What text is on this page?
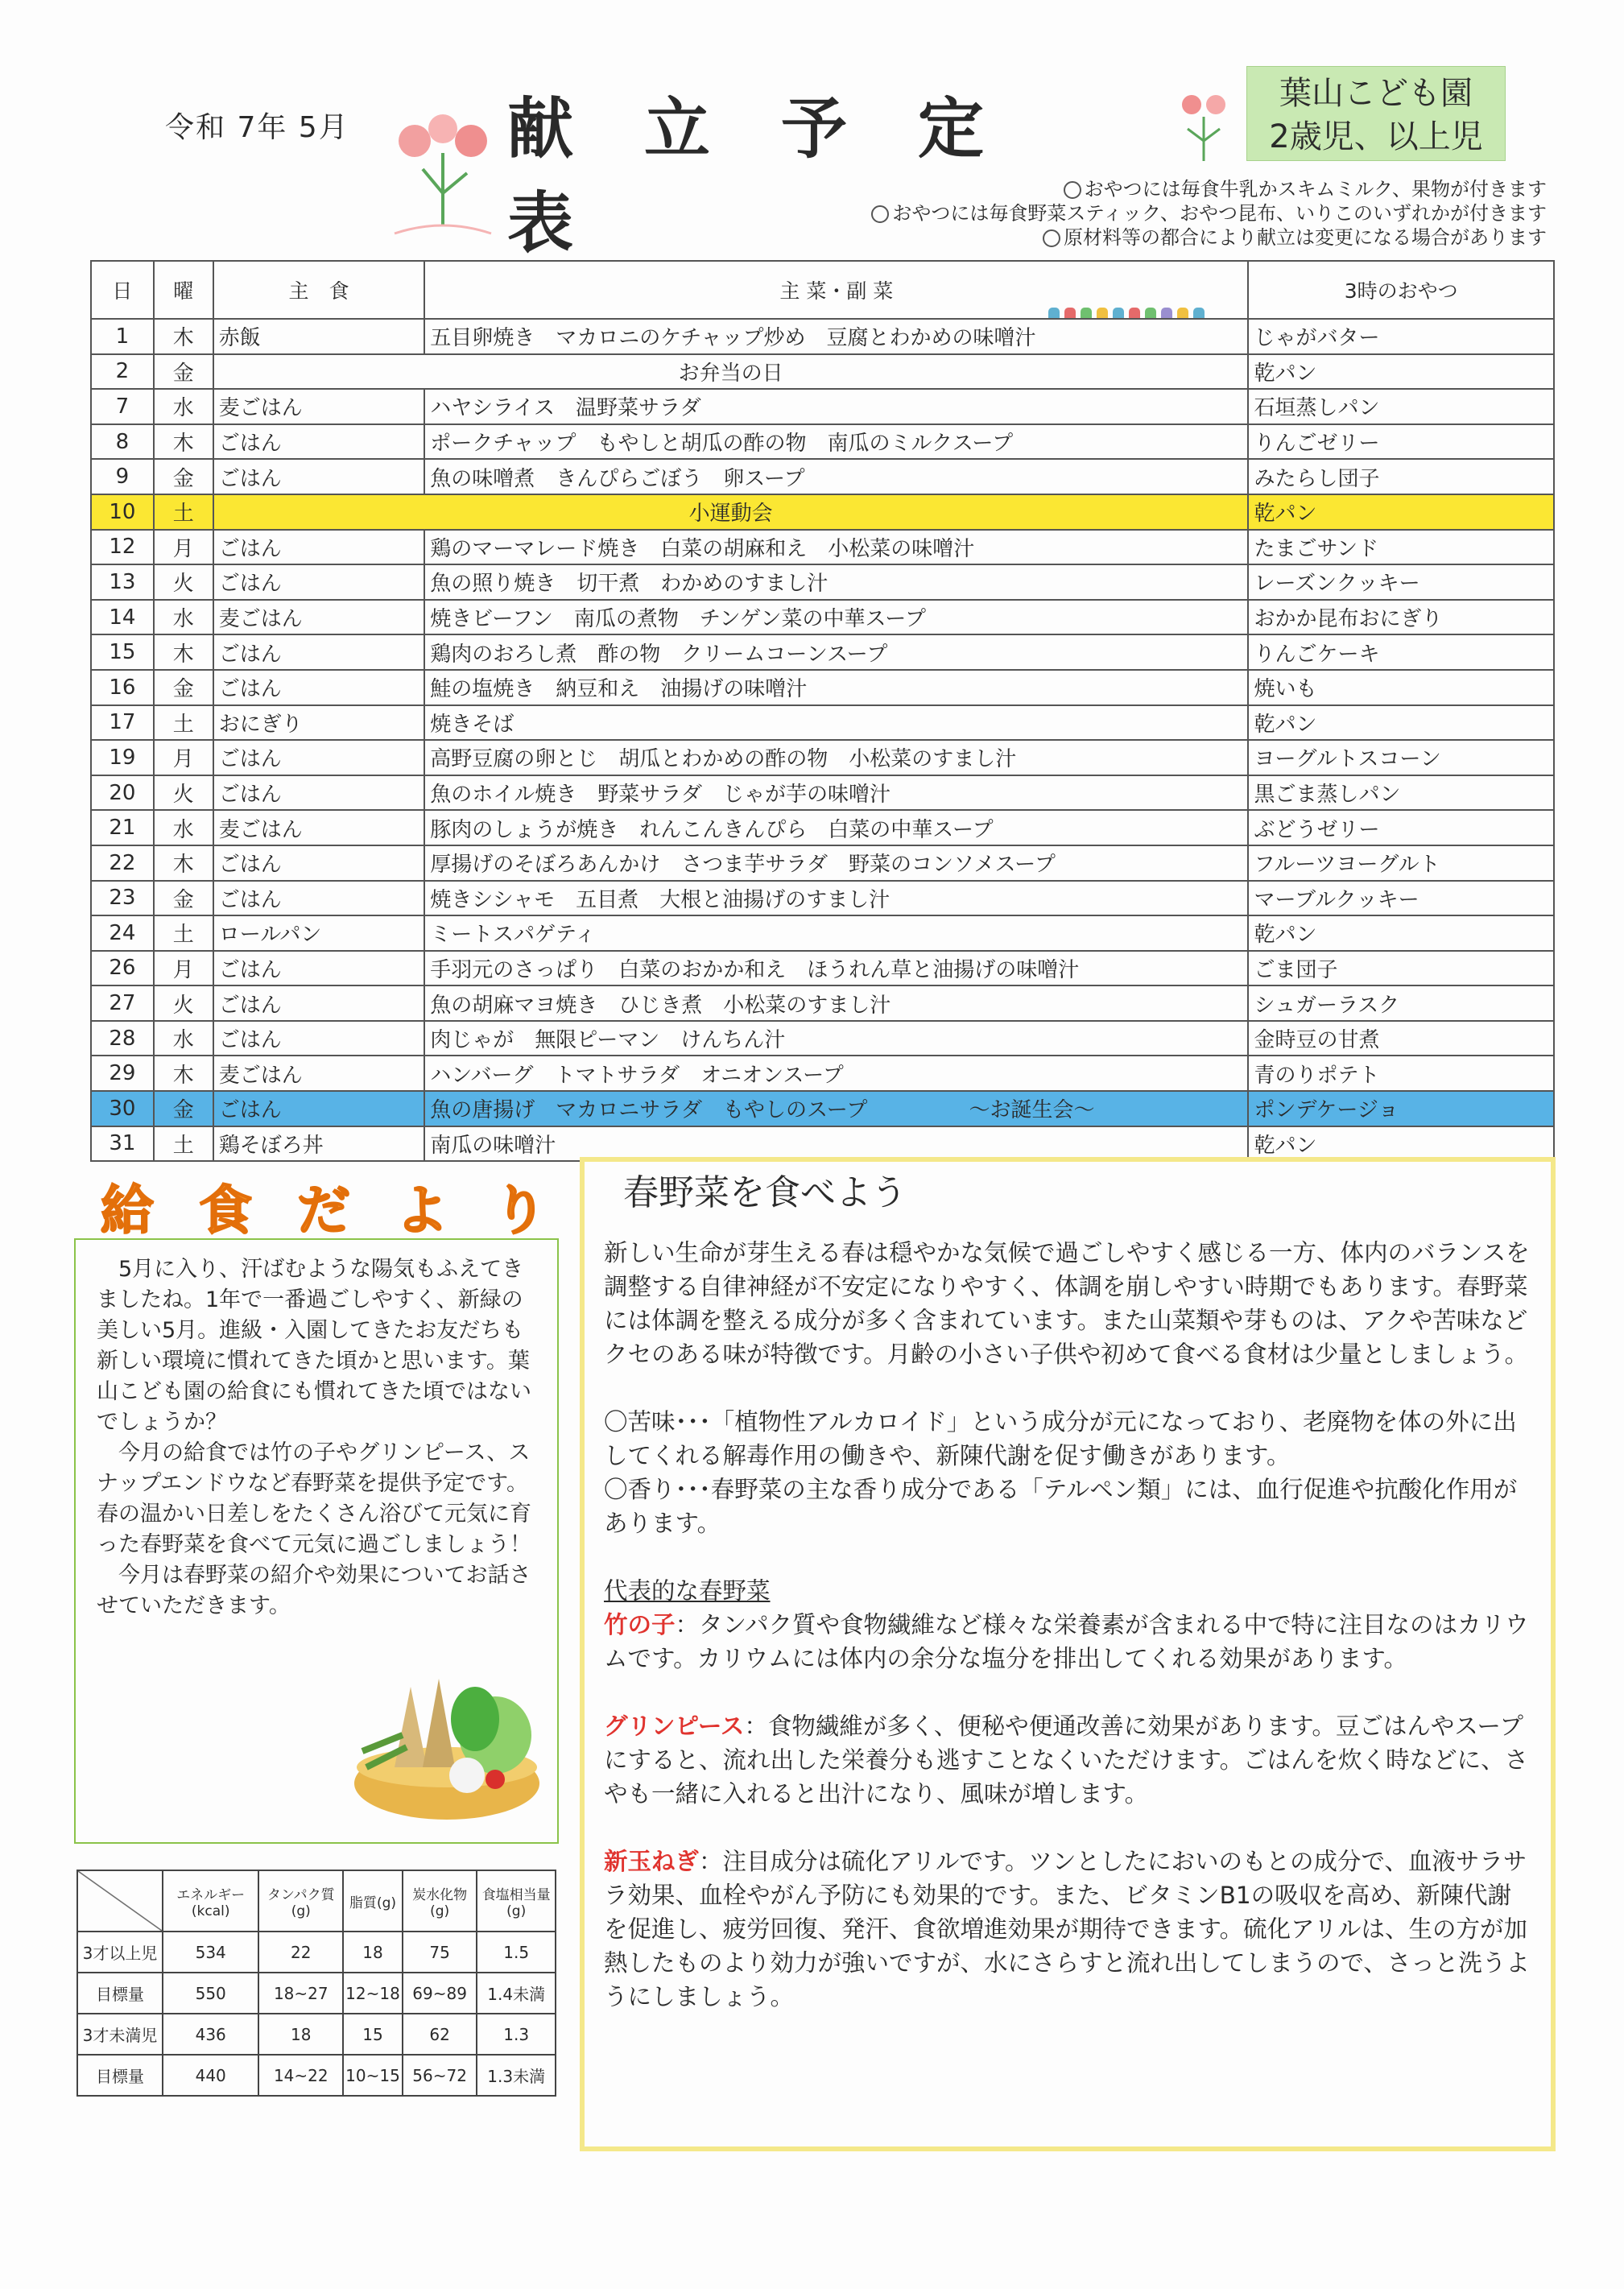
令和 7年 5月 献 立 予 定表
葉山こども園
2歳児、以上児
おやつには毎食牛乳かスキムミルク、果物が付きます
おやつには毎食野菜スティック、おやつ昆布、いりこのいずれかが付きます
原材料等の都合により献立は変更になる場合があります
日	曜	主　食	主 菜・副 菜	3時のおやつ
1	木	赤飯	五目卵焼き　マカロニのケチャップ炒め　豆腐とわかめの味噌汁	じゃがバター
2	金	お弁当の日		乾パン
7	水	麦ごはん	ハヤシライス　温野菜サラダ	石垣蒸しパン
8	木	ごはん	ポークチャップ　もやしと胡瓜の酢の物　南瓜のミルクスープ	りんごゼリー
9	金	ごはん	魚の味噌煮　きんぴらごぼう　卵スープ	みたらし団子
10	土	小運動会		乾パン
12	月	ごはん	鶏のマーマレード焼き　白菜の胡麻和え　小松菜の味噌汁	たまごサンド
13	火	ごはん	魚の照り焼き　切干煮　わかめのすまし汁	レーズンクッキー
14	水	麦ごはん	焼きビーフン　南瓜の煮物　チンゲン菜の中華スープ	おかか昆布おにぎり
15	木	ごはん	鶏肉のおろし煮　酢の物　クリームコーンスープ	りんごケーキ
16	金	ごはん	鮭の塩焼き　納豆和え　油揚げの味噌汁	焼いも
17	土	おにぎり	焼きそば	乾パン
19	月	ごはん	高野豆腐の卵とじ　胡瓜とわかめの酢の物　小松菜のすまし汁	ヨーグルトスコーン
20	火	ごはん	魚のホイル焼き　野菜サラダ　じゃが芋の味噌汁	黒ごま蒸しパン
21	水	麦ごはん	豚肉のしょうが焼き　れんこんきんぴら　白菜の中華スープ	ぶどうゼリー
22	木	ごはん	厚揚げのそぼろあんかけ　さつま芋サラダ　野菜のコンソメスープ	フルーツヨーグルト
23	金	ごはん	焼きシシャモ　五目煮　大根と油揚げのすまし汁	マーブルクッキー
24	土	ロールパン	ミートスパゲティ	乾パン
26	月	ごはん	手羽元のさっぱり　白菜のおかか和え　ほうれん草と油揚げの味噌汁	ごま団子
27	火	ごはん	魚の胡麻マヨ焼き　ひじき煮　小松菜のすまし汁	シュガーラスク
28	水	ごはん	肉じゃが　無限ピーマン　けんちん汁	金時豆の甘煮
29	木	麦ごはん	ハンバーグ　トマトサラダ　オニオンスープ	青のりポテト
30	金	ごはん	魚の唐揚げ　マカロニサラダ　もやしのスープ ～お誕生会～	ポンデケージョ
31	土	鶏そぼろ丼	南瓜の味噌汁	乾パン
給食だより

5月に入り、汗ばむような陽気もふえてきましたね。1年で一番過ごしやすく、新緑の美しい5月。進級・入園してきたお友だちも新しい環境に慣れてきた頃かと思います。葉山こども園の給食にも慣れてきた頃ではないでしょうか？

今月の給食では竹の子やグリンピース、スナップエンドウなど春野菜を提供予定です。春の温かい日差しをたくさん浴びて元気に育った春野菜を食べて元気に過ごしましょう！

今月は春野菜の紹介や効果についてお話させていただきます。

	エネルギー(kcal)	タンパク質(g)	脂質(g)	炭水化物(g)	食塩相当量(g)
3才以上児	534	22	18	75	1.5
目標量	550	18~27	12~18	69~89	1.4未満
3才未満児	436	18	15	62	1.3
目標量	440	14~22	10~15	56~72	1.3未満
春野菜を食べよう

新しい生命が芽生える春は穏やかな気候で過ごしやすく感じる一方、体内のバランスを調整する自律神経が不安定になりやすく、体調を崩しやすい時期でもあります。春野菜には体調を整える成分が多く含まれています。また山菜類や芽ものは、アクや苦味などクセのある味が特徴です。月齢の小さい子供や初めて食べる食材は少量としましょう。

〇苦味･･･「植物性アルカロイド」という成分が元になっており、老廃物を体の外に出してくれる解毒作用の働きや、新陳代謝を促す働きがあります。

〇香り･･･春野菜の主な香り成分である「テルペン類」には、血行促進や抗酸化作用があります。

代表的な春野菜

竹の子：タンパク質や食物繊維など様々な栄養素が含まれる中で特に注目なのはカリウムです。カリウムには体内の余分な塩分を排出してくれる効果があります。

グリンピース：食物繊維が多く、便秘や便通改善に効果があります。豆ごはんやスープにすると、流れ出した栄養分も逃すことなくいただけます。ごはんを炊く時などに、さやも一緒に入れると出汁になり、風味が増します。

新玉ねぎ：注目成分は硫化アリルです。ツンとしたにおいのもとの成分で、血液サラサラ効果、血栓やがん予防にも効果的です。また、ビタミンB1の吸収を高め、新陳代謝を促進し、疲労回復、発汗、食欲増進効果が期待できます。硫化アリルは、生の方が加熱したものより効力が強いですが、水にさらすと流れ出してしまうので、さっと洗うようにしましょう。
